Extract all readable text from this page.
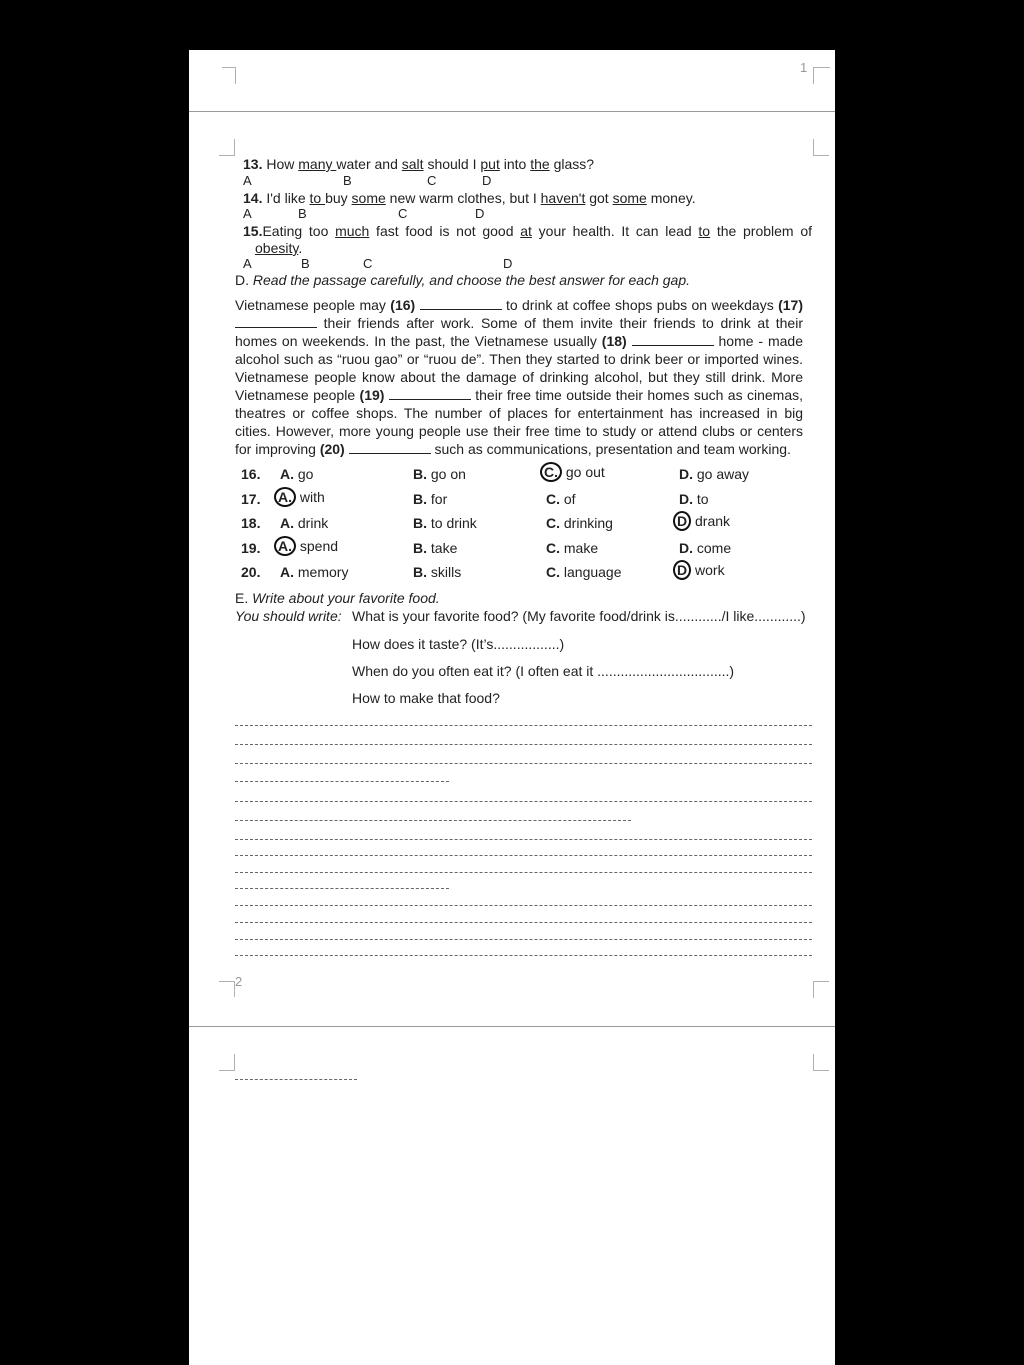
1
13. How many water and salt should I put into the glass?
A	B	C	D
14. I'd like to buy some new warm clothes, but I haven't got some money.
A	B	C	D
15.Eating too much fast food is not good at your health. It can lead to the problem of
obesity.
A	B	C	D
D. Read the passage carefully, and choose the best answer for each gap.
Vietnamese people may (16)	to drink at coffee shops pubs on weekdays (17)  their friends after work. Some of them invite their friends to drink at their homes on weekends. In the past, the Vietnamese usually (18)	home - made alcohol such as “ruou gao” or “ruou de”. Then they started to drink beer or imported wines. Vietnamese people know about the damage of drinking alcohol, but they still drink. More Vietnamese people (19)	their free time outside their homes such as cinemas, theatres or coffee shops. The number of places for entertainment has increased in big cities. However, more young people use their free time to study or attend clubs or centers for improving (20)	such as communications, presentation and team working.
16. A. go	B. go on	C. go out	D. go away
17. A. with	B. for	C. of	D. to
18. A. drink	B. to drink	C. drinking	D drank
19. A. spend	B. take	C. make	D. come
20. A. memory	B. skills	C. language	D work
E. Write about your favorite food.
You should write: What is your favorite food? (My favorite food/drink is............/I like............)
How does it taste? (It’s.................)
When do you often eat it? (I often eat it ..................................)
How to make that food?
2
